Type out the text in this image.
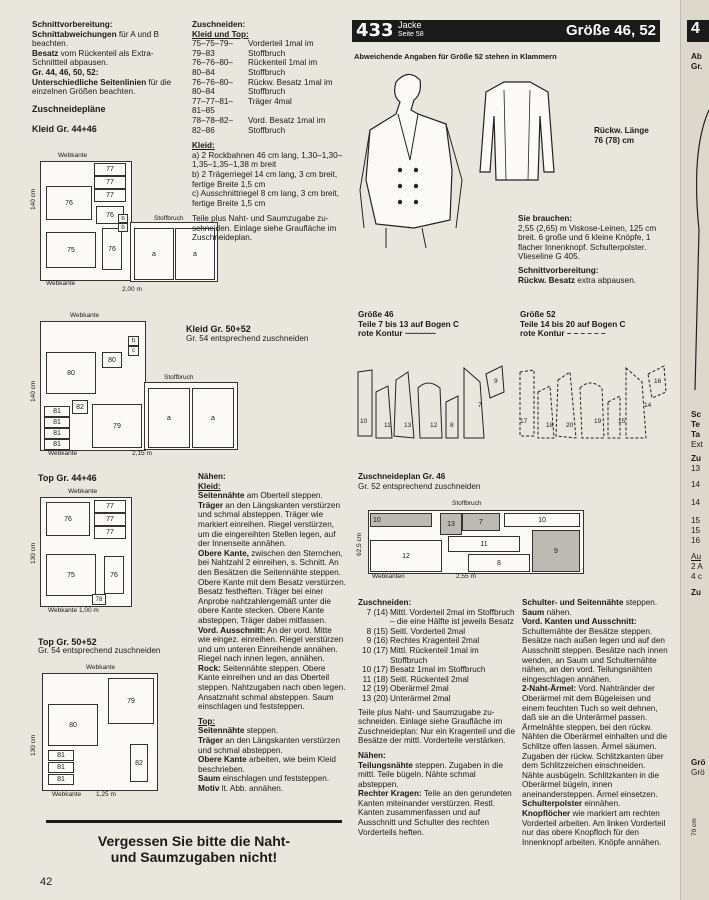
Schnittvorbereitung:
Schnittabweichungen für A und B beachten.
Besatz vom Rückenteil als Extra-Schnittteil abpausen.
Gr. 44, 46, 50, 52:
Unterschiedliche Seitenlinien für die einzelnen Größen beachten.
Zuschneidepläne
Kleid Gr. 44+46
Webkante
140 cm
77
77
77
76
75	76
76
a	a
b
b
Stoffbruch
Webkante
2,00 m
Kleid Gr. 50+52
Gr. 54 entsprechend zuschneiden
Webkante
140 cm
80
80
81
81
81
81
82
79
a	a
b
c
Stoffbruch
Webkante	2,15 m
Top Gr. 44+46
Webkante
130 cm
77
77
77
76
75	76
78
Webkante 1,00 m
Top Gr. 50+52
Gr. 54 entsprechend zuschneiden
Webkante
130 cm
79
80
81
81
81
82
Webkante 1,25 m
Zuschneiden:
Kleid und Top:
75–75–79–79–83
Vorderteil 1mal im Stoffbruch
76–76–80–80–84
Rückenteil 1mal im Stoffbruch
76–76–80–80–84
Rückw. Besatz 1mal im Stoffbruch
77–77–81–81–85
Träger 4mal
78–78–82–82–86
Vord. Besatz 1mal im Stoffbruch
Kleid:
a) 2 Rockbahnen 46 cm lang, 1,30–1,30–1,35–1,35–1,38 m breit
b) 2 Trägerriegel 14 cm lang, 3 cm breit, fertige Breite 1,5 cm
c) Ausschnittriegel 8 cm lang, 3 cm breit, fertige Breite 1,5 cm
Teile plus Naht- und Saumzugabe zu-schneiden. Einlage siehe Graufläche im Zuschneideplan.
Nähen:
Kleid:
Seitennähte am Oberteil steppen.
Träger an den Längskanten verstürzen und schmal absteppen. Träger wie markiert einreihen. Riegel verstürzen, um die eingereihten Stellen legen, auf der Innenseite annähen.
Obere Kante, zwischen den Sternchen, bei Nahtzahl 2 einreihen, s. Schnitt. An den Besätzen die Seitennähte steppen. Obere Kante mit dem Besatz verstürzen. Besatz festheften. Träger bei einer Anprobe nahtzahlengemäß unter die obere Kante stecken. Obere Kante absteppen, Träger dabei mitfassen.
Vord. Ausschnitt: An der vord. Mitte wie eingez. einreihen. Riegel verstürzen und um unteren Einreihende annähen. Riegel nach innen legen, annähen.
Rock: Seitennähte steppen. Obere Kante einreihen und an das Oberteil steppen. Nahtzugaben nach oben legen. Ansatznaht schmal absteppen. Saum einschlagen und feststeppen.
Top:
Seitennähte steppen.
Träger an den Längskanten verstürzen und schmal absteppen.
Obere Kante arbeiten, wie beim Kleid beschrieben.
Saum einschlagen und feststeppen.
Motiv lt. Abb. annähen.
433 Jacke
Seite 58	Größe 46, 52
Abweichende Angaben für Größe 52 stehen in Klammern
Rückw. Länge 76 (78) cm
Sie brauchen:
2,55 (2,65) m Viskose-Leinen, 125 cm breit. 6 große und 6 kleine Knöpfe, 1 flacher Innenknopf. Schulterpolster. Vlieseline G 405.
Schnittvorbereitung:
Rückw. Besatz extra abpausen.
Größe 46
Teile 7 bis 13 auf Bogen C
rote Kontur ~~~~~~~~
Größe 52
Teile 14 bis 20 auf Bogen C
rote Kontur – – – – – –
10
11 13	12 8
7
9
17
18 20
19	15
14
16
Zuschneideplan Gr. 46
Gr. 52 entsprechend zuschneiden
Stoffbruch
62,5 cm
10
13	7	10
12
11
8
9
Webkanten	2,55 m
Zuschneiden:
7 (14) Mittl. Vorderteil 2mal im Stoffbruch – die eine Hälfte ist jeweils Besatz
8 (15) Seitl. Vorderteil 2mal
9 (16) Rechtes Kragenteil 2mal
10 (17) Mittl. Rückenteil 1mal im Stoffbruch
10 (17) Besatz 1mal im Stoffbruch
11 (18) Seitl. Rückenteil 2mal
12 (19) Oberärmel 2mal
13 (20) Unterärmel 2mal
Teile plus Naht- und Saumzugabe zu-schneiden. Einlage siehe Graufläche im Zuschneideplan: Nur ein Kragenteil und die Besätze der mittl. Vorderteile verstärken.
Nähen:
Teilungsnähte steppen. Zugaben in die mittl. Teile bügeln. Nähte schmal absteppen.
Rechter Kragen: Teile an den gerundeten Kanten miteinander verstürzen. Restl. Kanten zusammenfassen und auf Ausschnitt und Schulter des rechten Vorderteils heften.
Schulter- und Seitennähte steppen.
Saum nähen.
Vord. Kanten und Ausschnitt: Schulternähte der Besätze steppen. Besätze nach außen legen und auf den Ausschnitt steppen. Besätze nach innen wenden, an Saum und Schulternähte nähen, an den vord. Teilungsnähten eingeschlagen annähen.
2-Naht-Ärmel: Vord. Nahtränder der Oberärmel mit dem Bügeleisen und einem feuchten Tuch so weit dehnen, daß sie an die Unterärmel passen. Ärmelnähte steppen, bei den rückw. Nähten die Oberärmel einhalten und die Schlitze offen lassen. Ärmel säumen. Zugaben der rückw. Schlitzkanten über dem Schlitzzeichen einschneiden. Nähte ausbügeln. Schlitzkanten in die Oberärmel bügeln, innen aneinandersteppen. Ärmel einsetzen.
Schulterpolster einnähen.
Knopflöcher wie markiert am rechten Vorderteil arbeiten. Am linken Vorderteil nur das obere Knopfloch für den Innenknopf arbeiten. Knöpfe annähen.
4
Ab
Gr.
Sc
Te
Ta
Ext
Zu
13
14
14
15
15
16
Au
2 A
4 c
Zu
Grö
Grö
70 cm
Vergessen Sie bitte die Naht-
und Saumzugaben nicht!
42
